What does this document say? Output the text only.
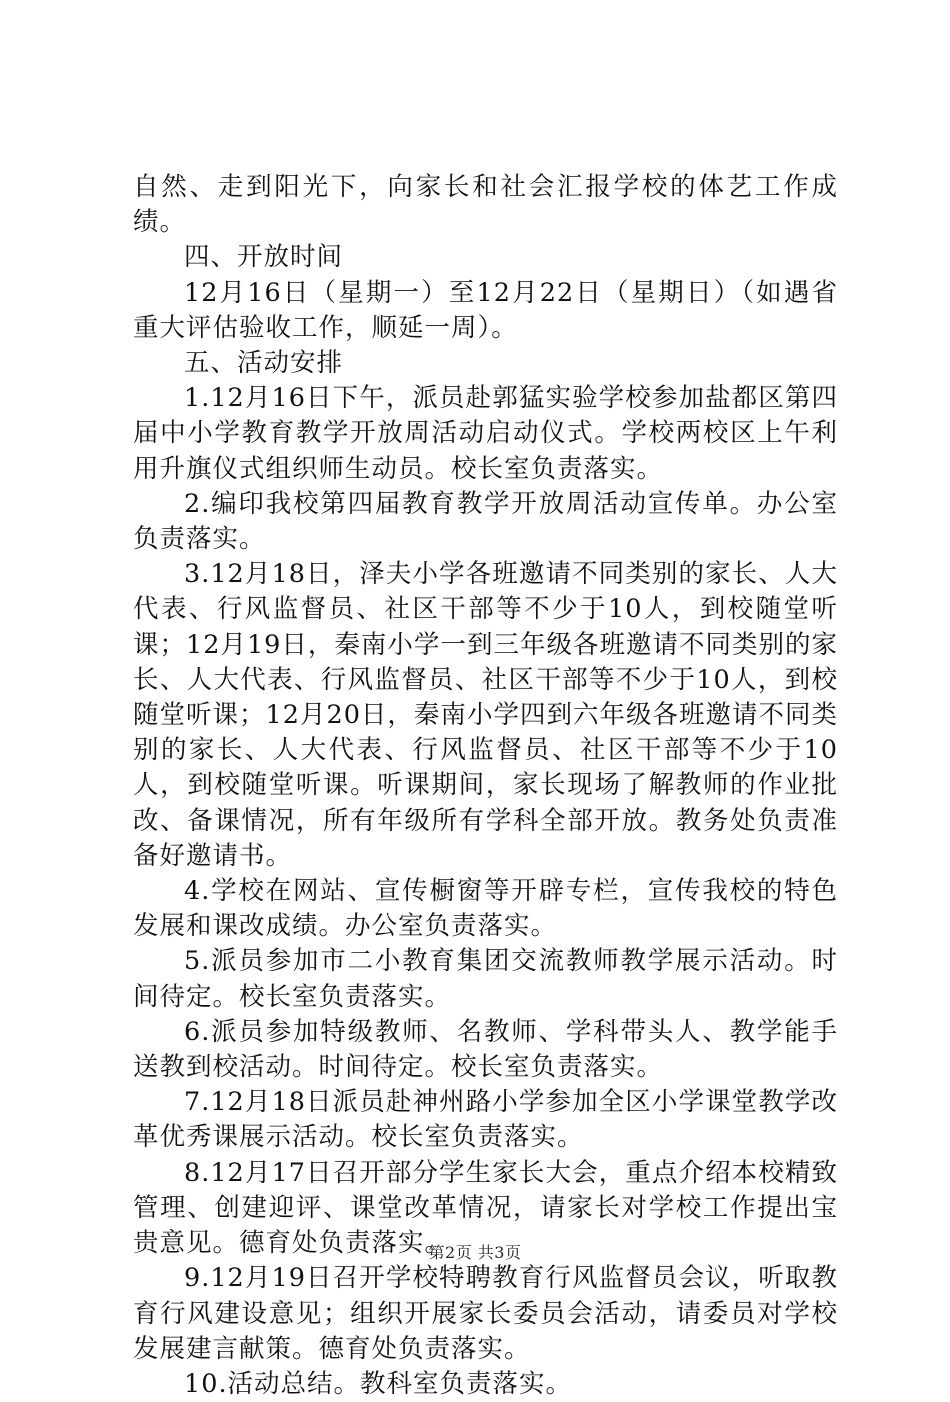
自然、走到阳光下，向家长和社会汇报学校的体艺工作成绩。

四、开放时间

12月16日（星期一）至12月22日（星期日）（如遇省重大评估验收工作，顺延一周）。

五、活动安排

1.12月16日下午，派员赴郭猛实验学校参加盐都区第四届中小学教育教学开放周活动启动仪式。学校两校区上午利用升旗仪式组织师生动员。校长室负责落实。

2.编印我校第四届教育教学开放周活动宣传单。办公室负责落实。

3.12月18日，泽夫小学各班邀请不同类别的家长、人大代表、行风监督员、社区干部等不少于10人，到校随堂听课；12月19日，秦南小学一到三年级各班邀请不同类别的家长、人大代表、行风监督员、社区干部等不少于10人，到校随堂听课；12月20日，秦南小学四到六年级各班邀请不同类别的家长、人大代表、行风监督员、社区干部等不少于10人，到校随堂听课。听课期间，家长现场了解教师的作业批改、备课情况，所有年级所有学科全部开放。教务处负责准备好邀请书。

4.学校在网站、宣传橱窗等开辟专栏，宣传我校的特色发展和课改成绩。办公室负责落实。

5.派员参加市二小教育集团交流教师教学展示活动。时间待定。校长室负责落实。

6.派员参加特级教师、名教师、学科带头人、教学能手送教到校活动。时间待定。校长室负责落实。

7.12月18日派员赴神州路小学参加全区小学课堂教学改革优秀课展示活动。校长室负责落实。

8.12月17日召开部分学生家长大会，重点介绍本校精致管理、创建迎评、课堂改革情况，请家长对学校工作提出宝贵意见。德育处负责落实。

9.12月19日召开学校特聘教育行风监督员会议，听取教育行风建设意见；组织开展家长委员会活动，请委员对学校发展建言献策。德育处负责落实。

10.活动总结。教科室负责落实。

第2页 共3页
